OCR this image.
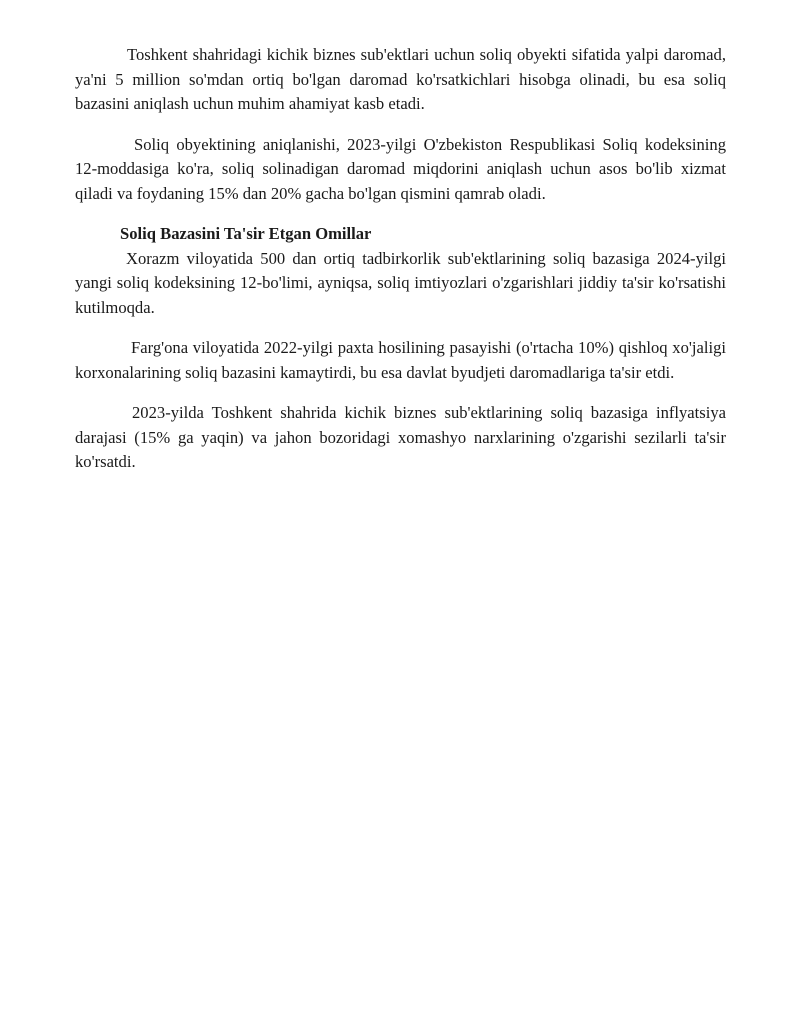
Toshkent shahridagi kichik biznes sub'ektlari uchun soliq obyekti sifatida yalpi daromad, ya'ni 5 million so'mdan ortiq bo'lgan daromad ko'rsatkichlari hisobga olinadi, bu esa soliq bazasini aniqlash uchun muhim ahamiyat kasb etadi.

Soliq obyektining aniqlanishi, 2023-yilgi O'zbekiston Respublikasi Soliq kodeksining 12-moddasiga ko'ra, soliq solinadigan daromad miqdorini aniqlash uchun asos bo'lib xizmat qiladi va foydaning 15% dan 20% gacha bo'lgan qismini qamrab oladi.

Soliq Bazasini Ta'sir Etgan Omillar

Xorazm viloyatida 500 dan ortiq tadbirkorlik sub'ektlarining soliq bazasiga 2024-yilgi yangi soliq kodeksining 12-bo'limi, ayniqsa, soliq imtiyozlari o'zgarishlari jiddiy ta'sir ko'rsatishi kutilmoqda.

Farg'ona viloyatida 2022-yilgi paxta hosilining pasayishi (o'rtacha 10%) qishloq xo'jaligi korxonalarining soliq bazasini kamaytirdi, bu esa davlat byudjeti daromadlariga ta'sir etdi.

2023-yilda Toshkent shahrida kichik biznes sub'ektlarining soliq bazasiga inflyatsiya darajasi (15% ga yaqin) va jahon bozoridagi xomashyo narxlarining o'zgarishi sezilarli ta'sir ko'rsatdi.
